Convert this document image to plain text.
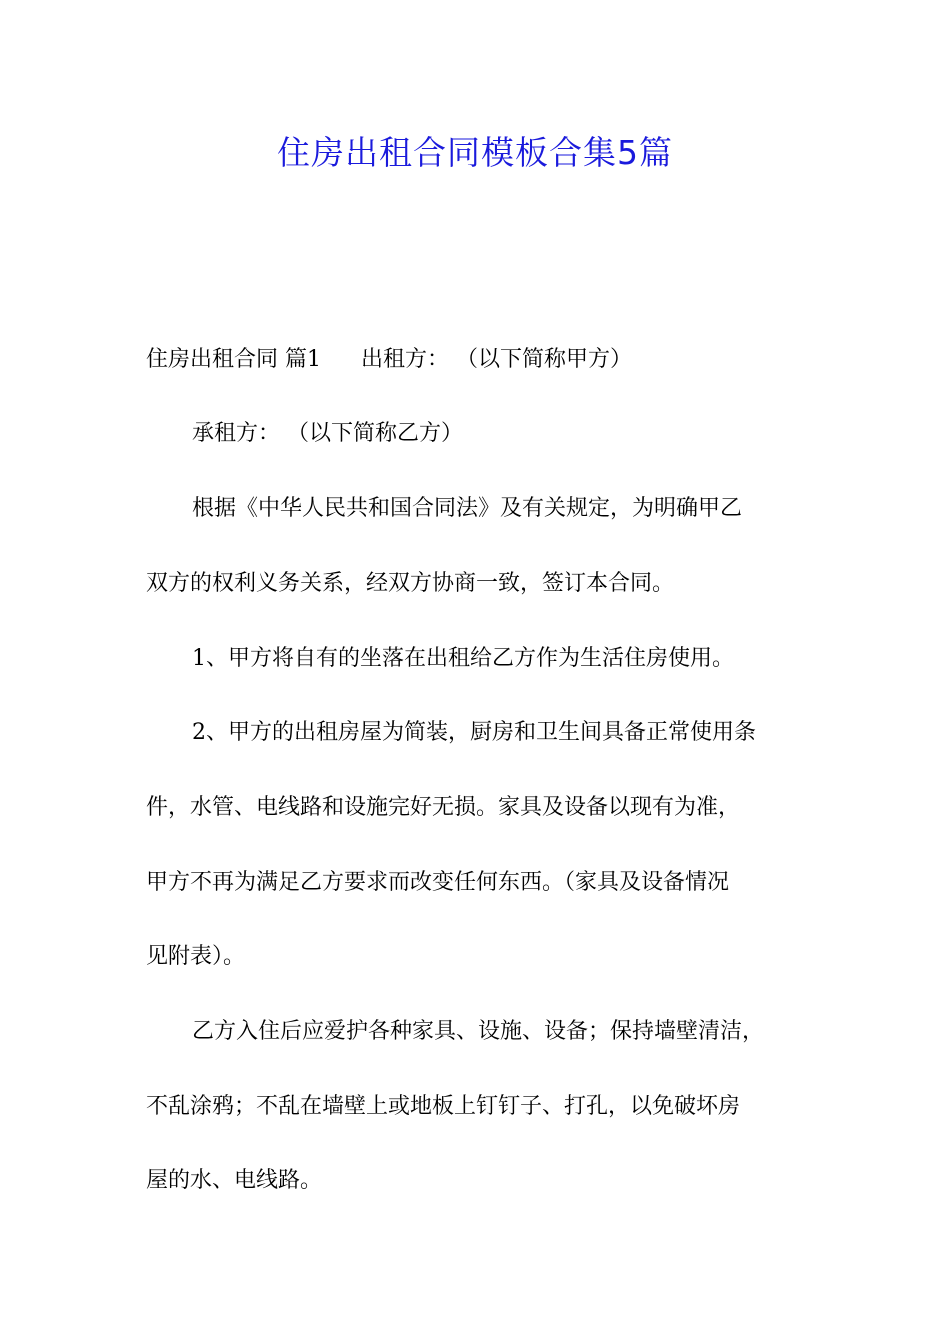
住房出租合同模板合集5篇

住房出租合同 篇1 出租方： （以下简称甲方）

承租方： （以下简称乙方）

根据《中华人民共和国合同法》及有关规定，为明确甲乙

双方的权利义务关系，经双方协商一致，签订本合同。

1、甲方将自有的坐落在出租给乙方作为生活住房使用。

2、甲方的出租房屋为简装，厨房和卫生间具备正常使用条

件，水管、电线路和设施完好无损。家具及设备以现有为准，

甲方不再为满足乙方要求而改变任何东西。（家具及设备情况

见附表）。

乙方入住后应爱护各种家具、设施、设备；保持墙壁清洁，

不乱涂鸦；不乱在墙壁上或地板上钉钉子、打孔，以免破坏房

屋的水、电线路。
